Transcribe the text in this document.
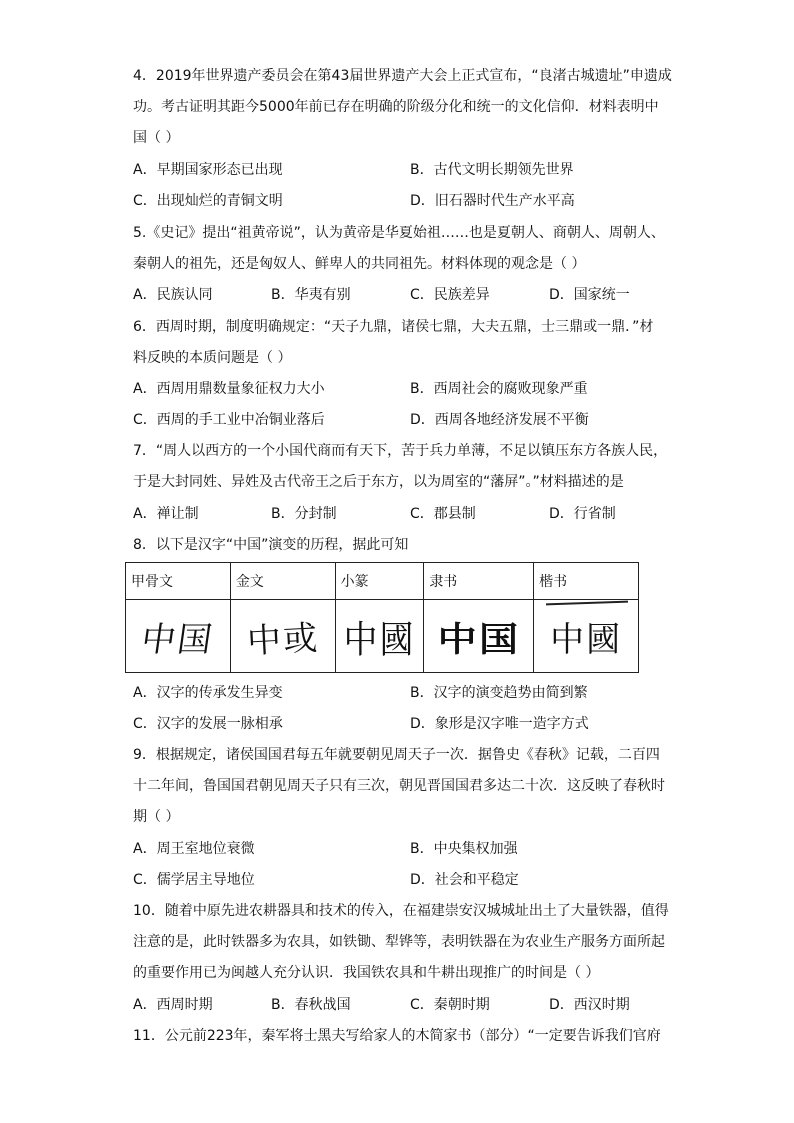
4．2019年世界遗产委员会在第43届世界遗产大会上正式宣布，“良渚古城遗址”申遗成
功。考古证明其距今5000年前已存在明确的阶级分化和统一的文化信仰．材料表明中
国（ ）
A．早期国家形态已出现	B．古代文明长期领先世界
C．出现灿烂的青铜文明	D．旧石器时代生产水平高
5.《史记》提出“祖黄帝说”，认为黄帝是华夏始祖……也是夏朝人、商朝人、周朝人、
秦朝人的祖先，还是匈奴人、鲜卑人的共同祖先。材料体现的观念是（ ）
A．民族认同	B．华夷有别	C．民族差异	D．国家统一
6．西周时期，制度明确规定：“天子九鼎，诸侯七鼎，大夫五鼎，士三鼎或一鼎．”材
料反映的本质问题是（ ）
A．西周用鼎数量象征权力大小	B．西周社会的腐败现象严重
C．西周的手工业中冶铜业落后	D．西周各地经济发展不平衡
7．“周人以西方的一个小国代商而有天下，苦于兵力单薄，不足以镇压东方各族人民，
于是大封同姓、异姓及古代帝王之后于东方，以为周室的“藩屏”。”材料描述的是
A．禅让制	B．分封制	C．郡县制	D．行省制
8．以下是汉字“中国”演变的历程，据此可知
甲骨文	金文	小篆	隶书	楷书
中国	中或	中國	中国	中國
A．汉字的传承发生异变	B．汉字的演变趋势由简到繁
C．汉字的发展一脉相承	D．象形是汉字唯一造字方式
9．根据规定，诸侯国国君每五年就要朝见周天子一次．据鲁史《春秋》记载，二百四
十二年间，鲁国国君朝见周天子只有三次，朝见晋国国君多达二十次．这反映了春秋时
期（ ）
A．周王室地位衰微	B．中央集权加强
C．儒学居主导地位	D．社会和平稳定
10．随着中原先进农耕器具和技术的传入，在福建崇安汉城城址出土了大量铁器，值得
注意的是，此时铁器多为农具，如铁锄、犁铧等，表明铁器在为农业生产服务方面所起
的重要作用已为闽越人充分认识．我国铁农具和牛耕出现推广的时间是（ ）
A．西周时期	B．春秋战国	C．秦朝时期	D．西汉时期
11．公元前223年，秦军将士黑夫写给家人的木简家书（部分）“一定要告诉我们官府
